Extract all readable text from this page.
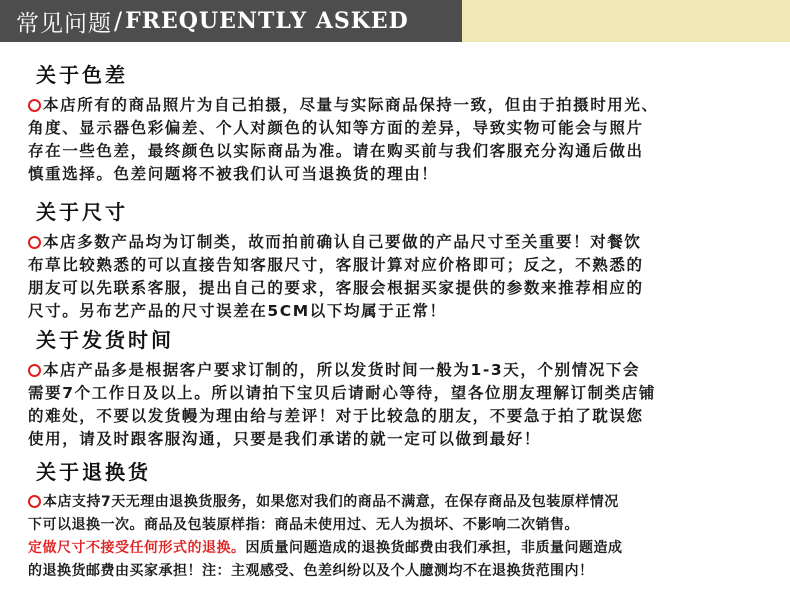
常见问题 / FREQUENTLY ASKED
关于色差

本店所有的商品照片为自己拍摄，尽量与实际商品保持一致，但由于拍摄时用光、

角度、显示器色彩偏差、个人对颜色的认知等方面的差异，导致实物可能会与照片

存在一些色差，最终颜色以实际商品为准。请在购买前与我们客服充分沟通后做出

慎重选择。色差问题将不被我们认可当退换货的理由！

关于尺寸

本店多数产品均为订制类，故而拍前确认自己要做的产品尺寸至关重要！对餐饮

布草比较熟悉的可以直接告知客服尺寸，客服计算对应价格即可；反之，不熟悉的

朋友可以先联系客服，提出自己的要求，客服会根据买家提供的参数来推荐相应的

尺寸。另布艺产品的尺寸误差在5CM以下均属于正常！

关于发货时间

本店产品多是根据客户要求订制的，所以发货时间一般为1-3天，个别情况下会

需要7个工作日及以上。所以请拍下宝贝后请耐心等待，望各位朋友理解订制类店铺

的难处，不要以发货幔为理由给与差评！对于比较急的朋友，不要急于拍了耽误您

使用，请及时跟客服沟通，只要是我们承诺的就一定可以做到最好！

关于退换货

本店支持7天无理由退换货服务，如果您对我们的商品不满意，在保存商品及包装原样情况

下可以退换一次。商品及包装原样指：商品未使用过、无人为损坏、不影响二次销售。

定做尺寸不接受任何形式的退换。因质量问题造成的退换货邮费由我们承担，非质量问题造成

的退换货邮费由买家承担！注：主观感受、色差纠纷以及个人臆测均不在退换货范围内！
